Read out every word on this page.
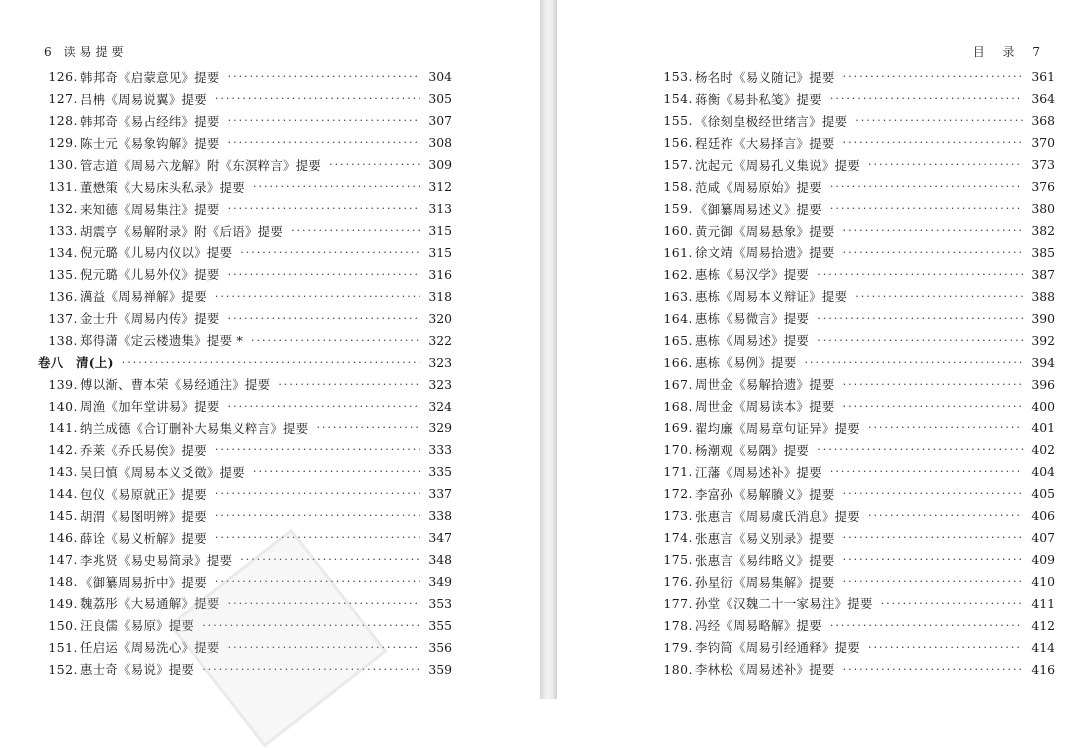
6 读易提要
126. 韩邦奇《启蒙意见》提要 ·····	304
127. 吕柟《周易说翼》提要 ·····	305
128. 韩邦奇《易占经纬》提要 ·····	307
129. 陈士元《易象钩解》提要 ·····	308
130. 管志道《周易六龙解》附《东溟粹言》提要 ·····	309
131. 董懋策《大易床头私录》提要 ·····	312
132. 来知德《周易集注》提要 ·····	313
133. 胡震亨《易解附录》附《后语》提要 ·····	315
134. 倪元璐《儿易内仪以》提要 ·····	315
135. 倪元璐《儿易外仪》提要 ·····	316
136. 澫益《周易禅解》提要 ·····	318
137. 金士升《周易内传》提要 ·····	320
138. 郑得潇《定云楼遗集》提要 * ·····	322
卷八　清(上) ·····	323
139. 傅以渐、曹本荣《易经通注》提要 ·····	323
140. 周渔《加年堂讲易》提要 ·····	324
141. 纳兰成德《合订删补大易集义粹言》提要 ·····	329
142. 乔莱《乔氏易俟》提要 ·····	333
143. 吴曰慎《周易本义爻徵》提要 ·····	335
144. 包仪《易原就正》提要 ·····	337
145. 胡渭《易图明辨》提要 ·····	338
146. 薛诠《易义析解》提要 ·····	347
147. 李兆贤《易史易简录》提要 ·····	348
148. 《御纂周易折中》提要 ·····	349
149. 魏荔彤《大易通解》提要 ·····	353
150. 汪良儒《易原》提要 ·····	355
151. 任启运《周易洗心》提要 ·····	356
152. 惠士奇《易说》提要 ·····	359
目 录 7
153. 杨名时《易义随记》提要 ·····	361
154. 蒋衡《易卦私笺》提要 ·····	364
155. 《徐刻皇极经世绪言》提要 ·····	368
156. 程廷祚《大易择言》提要 ·····	370
157. 沈起元《周易孔义集说》提要 ·····	373
158. 范咸《周易原始》提要 ·····	376
159. 《御纂周易述义》提要 ·····	380
160. 黄元御《周易悬象》提要 ·····	382
161. 徐文靖《周易拾遗》提要 ·····	385
162. 惠栋《易汉学》提要 ·····	387
163. 惠栋《周易本义辩证》提要 ·····	388
164. 惠栋《易微言》提要 ·····	390
165. 惠栋《周易述》提要 ·····	392
166. 惠栋《易例》提要 ·····	394
167. 周世金《易解拾遗》提要 ·····	396
168. 周世金《周易读本》提要 ·····	400
169. 翟均廉《周易章句证异》提要 ·····	401
170. 杨潮观《易隅》提要 ·····	402
171. 江藩《周易述补》提要 ·····	404
172. 李富孙《易解賸义》提要 ·····	405
173. 张惠言《周易虞氏消息》提要 ·····	406
174. 张惠言《易义别录》提要 ·····	407
175. 张惠言《易纬略义》提要 ·····	409
176. 孙星衍《周易集解》提要 ·····	410
177. 孙堂《汉魏二十一家易注》提要 ·····	411
178. 冯经《周易略解》提要 ·····	412
179. 李钧简《周易引经通释》提要 ·····	414
180. 李林松《周易述补》提要 ·····	416
